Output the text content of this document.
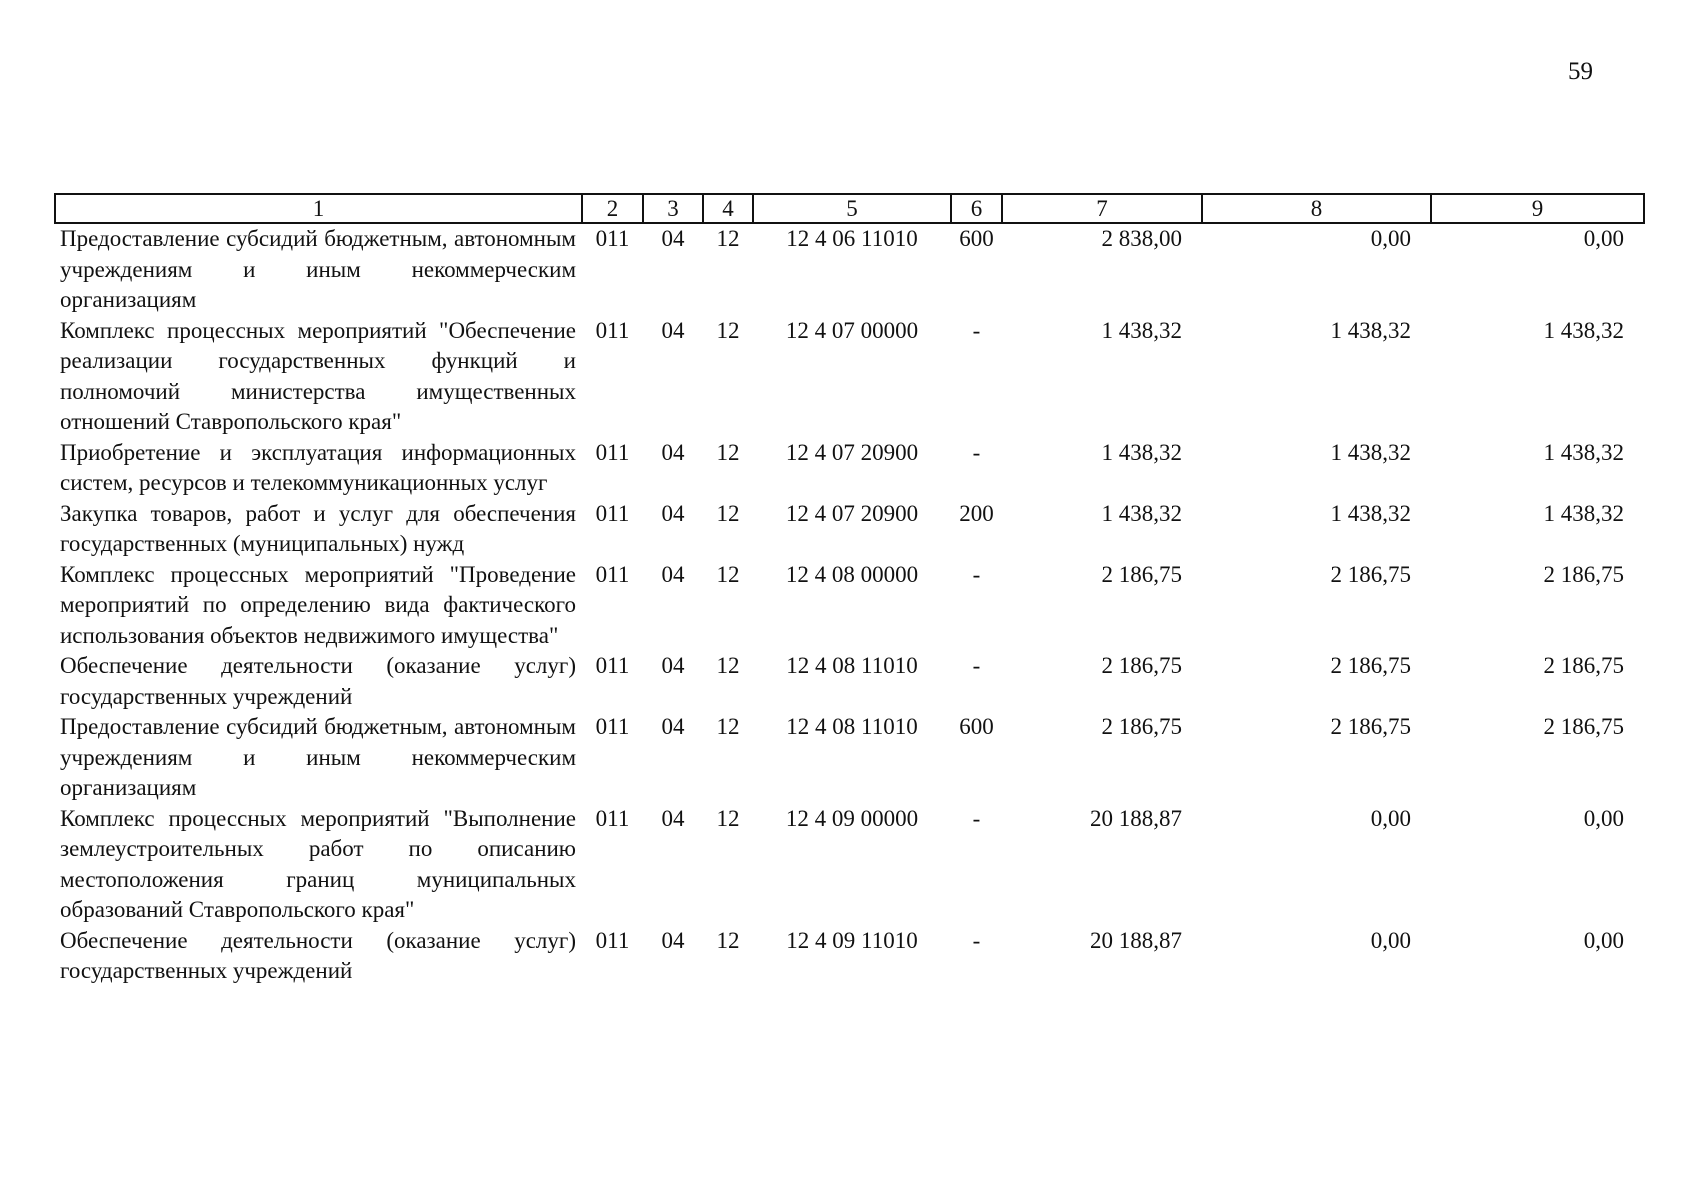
59
1	2	3	4	5	6	7	8	9
Предоставление субсидий бюджетным, автономным учреждениям и иным некоммерческим организациям	011	04	12	12 4 06 11010	600	2 838,00	0,00	0,00
Комплекс процессных мероприятий "Обеспечение реализации государственных функций и полномочий министерства имущественных отношений Ставропольского края"	011	04	12	12 4 07 00000	-	1 438,32	1 438,32	1 438,32
Приобретение и эксплуатация информационных систем, ресурсов и телекоммуникационных услуг	011	04	12	12 4 07 20900	-	1 438,32	1 438,32	1 438,32
Закупка товаров, работ и услуг для обеспечения государственных (муниципальных) нужд	011	04	12	12 4 07 20900	200	1 438,32	1 438,32	1 438,32
Комплекс процессных мероприятий "Проведение мероприятий по определению вида фактического использования объектов недвижимого имущества"	011	04	12	12 4 08 00000	-	2 186,75	2 186,75	2 186,75
Обеспечение деятельности (оказание услуг) государственных учреждений	011	04	12	12 4 08 11010	-	2 186,75	2 186,75	2 186,75
Предоставление субсидий бюджетным, автономным учреждениям и иным некоммерческим организациям	011	04	12	12 4 08 11010	600	2 186,75	2 186,75	2 186,75
Комплекс процессных мероприятий "Выполнение землеустроительных работ по описанию местоположения границ муниципальных образований Ставропольского края"	011	04	12	12 4 09 00000	-	20 188,87	0,00	0,00
Обеспечение деятельности (оказание услуг) государственных учреждений	011	04	12	12 4 09 11010	-	20 188,87	0,00	0,00
